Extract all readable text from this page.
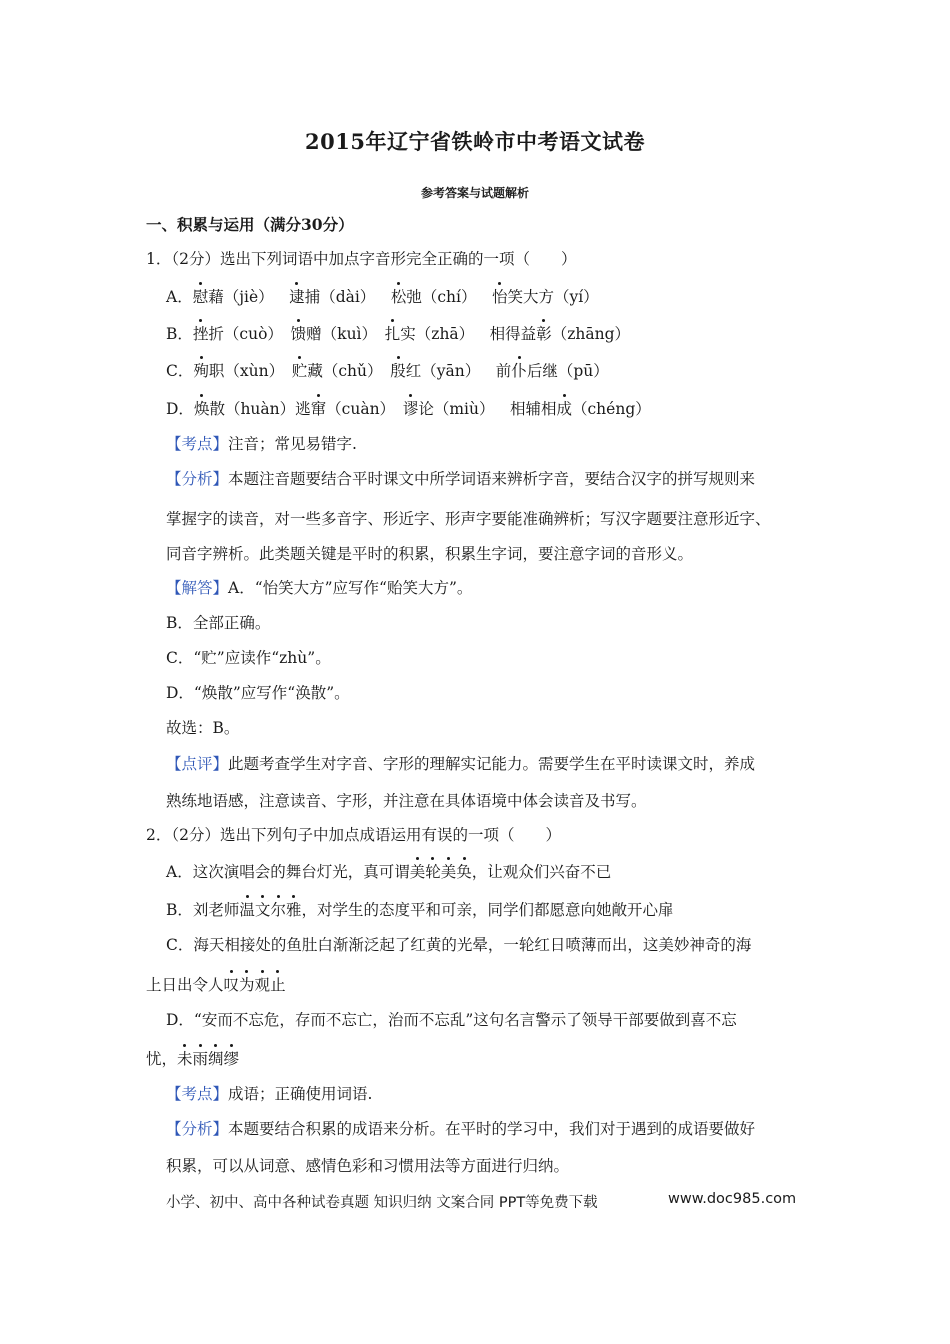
2015年辽宁省铁岭市中考语文试卷
参考答案与试题解析
一、积累与运用（满分30分）
1．（2分）选出下列词语中加点字音形完全正确的一项（　　）
A．慰藉（jiè）  逮捕（dài）  松弛（chí）  怡笑大方（yí）
B．挫折（cuò）  馈赠（kuì）  扎实（zhā）  相得益彰（zhāng）
C．殉职（xùn）  贮藏（chǔ）  殷红（yān）  前仆后继（pū）
D．焕散（huàn）逃窜（cuàn）  谬论（miù）  相辅相成（chéng）
【考点】注音；常见易错字.
【分析】本题注音题要结合平时课文中所学词语来辨析字音，要结合汉字的拼写规则来
掌握字的读音，对一些多音字、形近字、形声字要能准确辨析；写汉字题要注意形近字、
同音字辨析。此类题关键是平时的积累，积累生字词，要注意字词的音形义。
【解答】A．“怡笑大方”应写作“贻笑大方”。
B．全部正确。
C．“贮”应读作“zhù”。
D．“焕散”应写作“涣散”。
故选：B。
【点评】此题考查学生对字音、字形的理解实记能力。需要学生在平时读课文时，养成
熟练地语感，注意读音、字形，并注意在具体语境中体会读音及书写。
2．（2分）选出下列句子中加点成语运用有误的一项（　　）
A．这次演唱会的舞台灯光，真可谓美轮美奂，让观众们兴奋不已
B．刘老师温文尔雅，对学生的态度平和可亲，同学们都愿意向她敞开心扉
C．海天相接处的鱼肚白渐渐泛起了红黄的光晕，一轮红日喷薄而出，这美妙神奇的海
上日出令人叹为观止
D．“安而不忘危，存而不忘亡，治而不忘乱”这句名言警示了领导干部要做到喜不忘
忧，未雨绸缪
【考点】成语；正确使用词语.
【分析】本题要结合积累的成语来分析。在平时的学习中，我们对于遇到的成语要做好
积累，可以从词意、感情色彩和习惯用法等方面进行归纳。
小学、初中、高中各种试卷真题 知识归纳 文案合同 PPT等免费下载	www.doc985.com
